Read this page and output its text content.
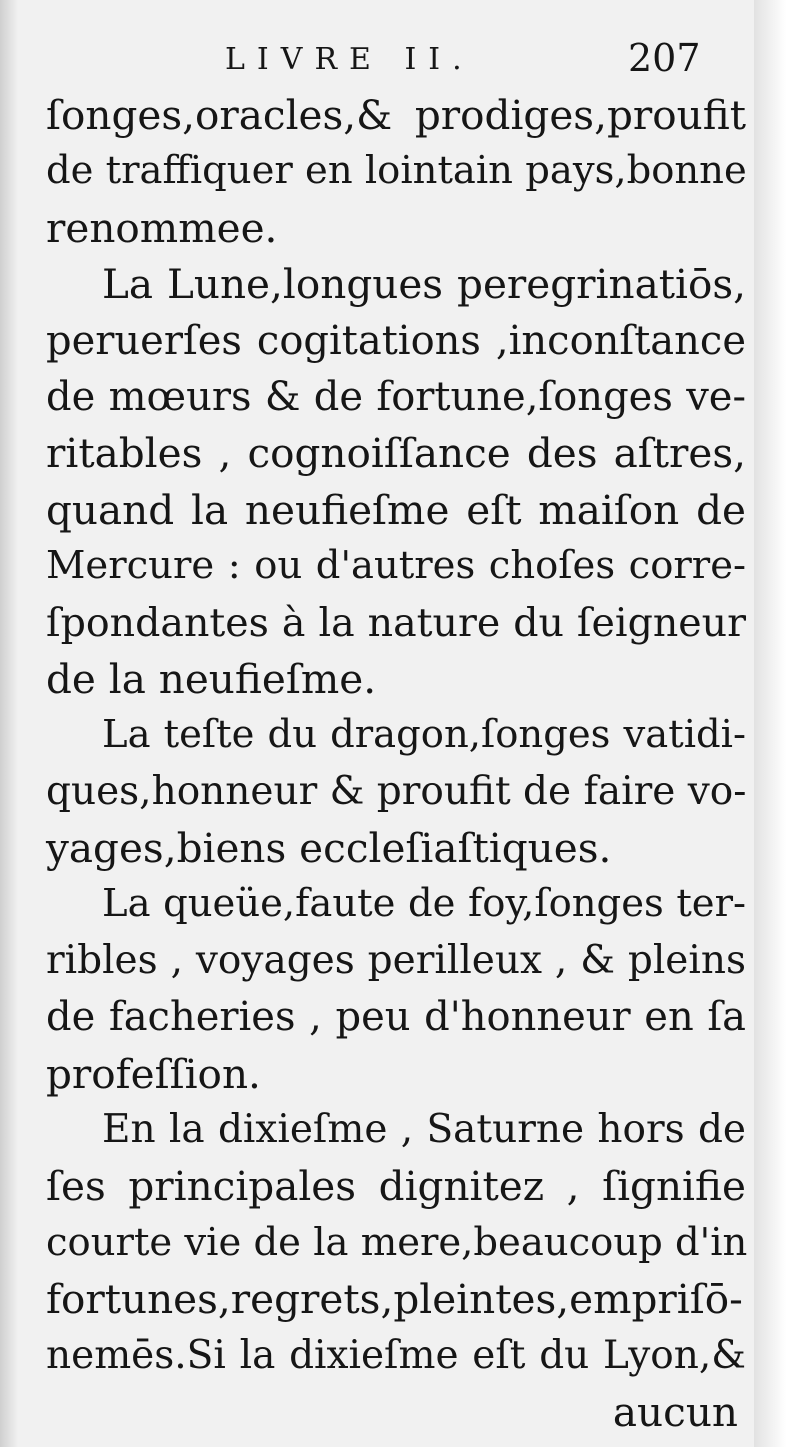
LIVRE II.	207
ſonges,oracles,& prodiges,proufit
de traffiquer en lointain pays,bonne
renommee.
La Lune,longues peregrinatiōs,
peruerſes cogitations ,inconſtance
de mœurs & de fortune,ſonges ve-
ritables , cognoiſſance des aſtres,
quand la neufieſme eſt maiſon de
Mercure : ou d'autres choſes corre-
ſpondantes à la nature du ſeigneur
de la neufieſme.
La teſte du dragon,ſonges vatidi-
ques,honneur & proufit de faire vo-
yages,biens eccleſiaſtiques.
La queüe,faute de foy,ſonges ter-
ribles , voyages perilleux , & pleins
de facheries , peu d'honneur en ſa
profeſſion.
En la dixieſme , Saturne hors de
ſes principales dignitez , ſignifie
courte vie de la mere,beaucoup d'in
fortunes,regrets,pleintes,empriſō-
nemēs.Si la dixieſme eſt du Lyon,&
aucun
